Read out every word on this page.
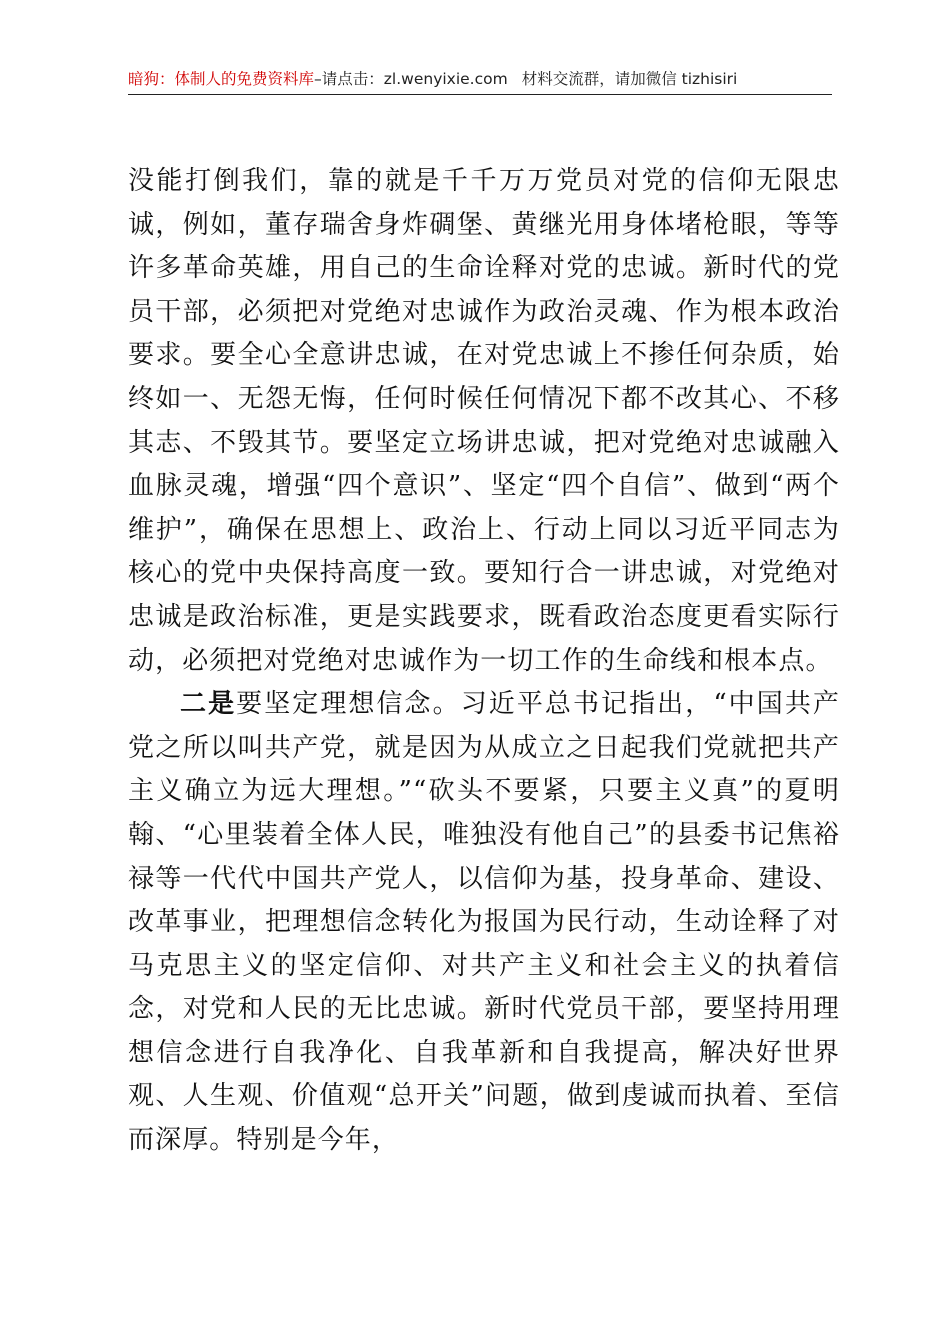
暗狗：体制人的免费资料库–请点击：zl.wenyixie.com 材料交流群，请加微信 tizhisiri

没能打倒我们，靠的就是千千万万党员对党的信仰无限忠诚，例如，董存瑞舍身炸碉堡、黄继光用身体堵枪眼，等等许多革命英雄，用自己的生命诠释对党的忠诚。新时代的党员干部，必须把对党绝对忠诚作为政治灵魂、作为根本政治要求。要全心全意讲忠诚，在对党忠诚上不掺任何杂质，始终如一、无怨无悔，任何时候任何情况下都不改其心、不移其志、不毁其节。要坚定立场讲忠诚，把对党绝对忠诚融入血脉灵魂，增强“四个意识”、坚定“四个自信”、做到“两个维护”，确保在思想上、政治上、行动上同以习近平同志为核心的党中央保持高度一致。要知行合一讲忠诚，对党绝对忠诚是政治标准，更是实践要求，既看政治态度更看实际行动，必须把对党绝对忠诚作为一切工作的生命线和根本点。

二是要坚定理想信念。习近平总书记指出，“中国共产党之所以叫共产党，就是因为从成立之日起我们党就把共产主义确立为远大理想。”“砍头不要紧，只要主义真”的夏明翰、“心里装着全体人民，唯独没有他自己”的县委书记焦裕禄等一代代中国共产党人，以信仰为基，投身革命、建设、改革事业，把理想信念转化为报国为民行动，生动诠释了对马克思主义的坚定信仰、对共产主义和社会主义的执着信念，对党和人民的无比忠诚。新时代党员干部，要坚持用理想信念进行自我净化、自我革新和自我提高，解决好世界观、人生观、价值观“总开关”问题，做到虔诚而执着、至信而深厚。特别是今年，
